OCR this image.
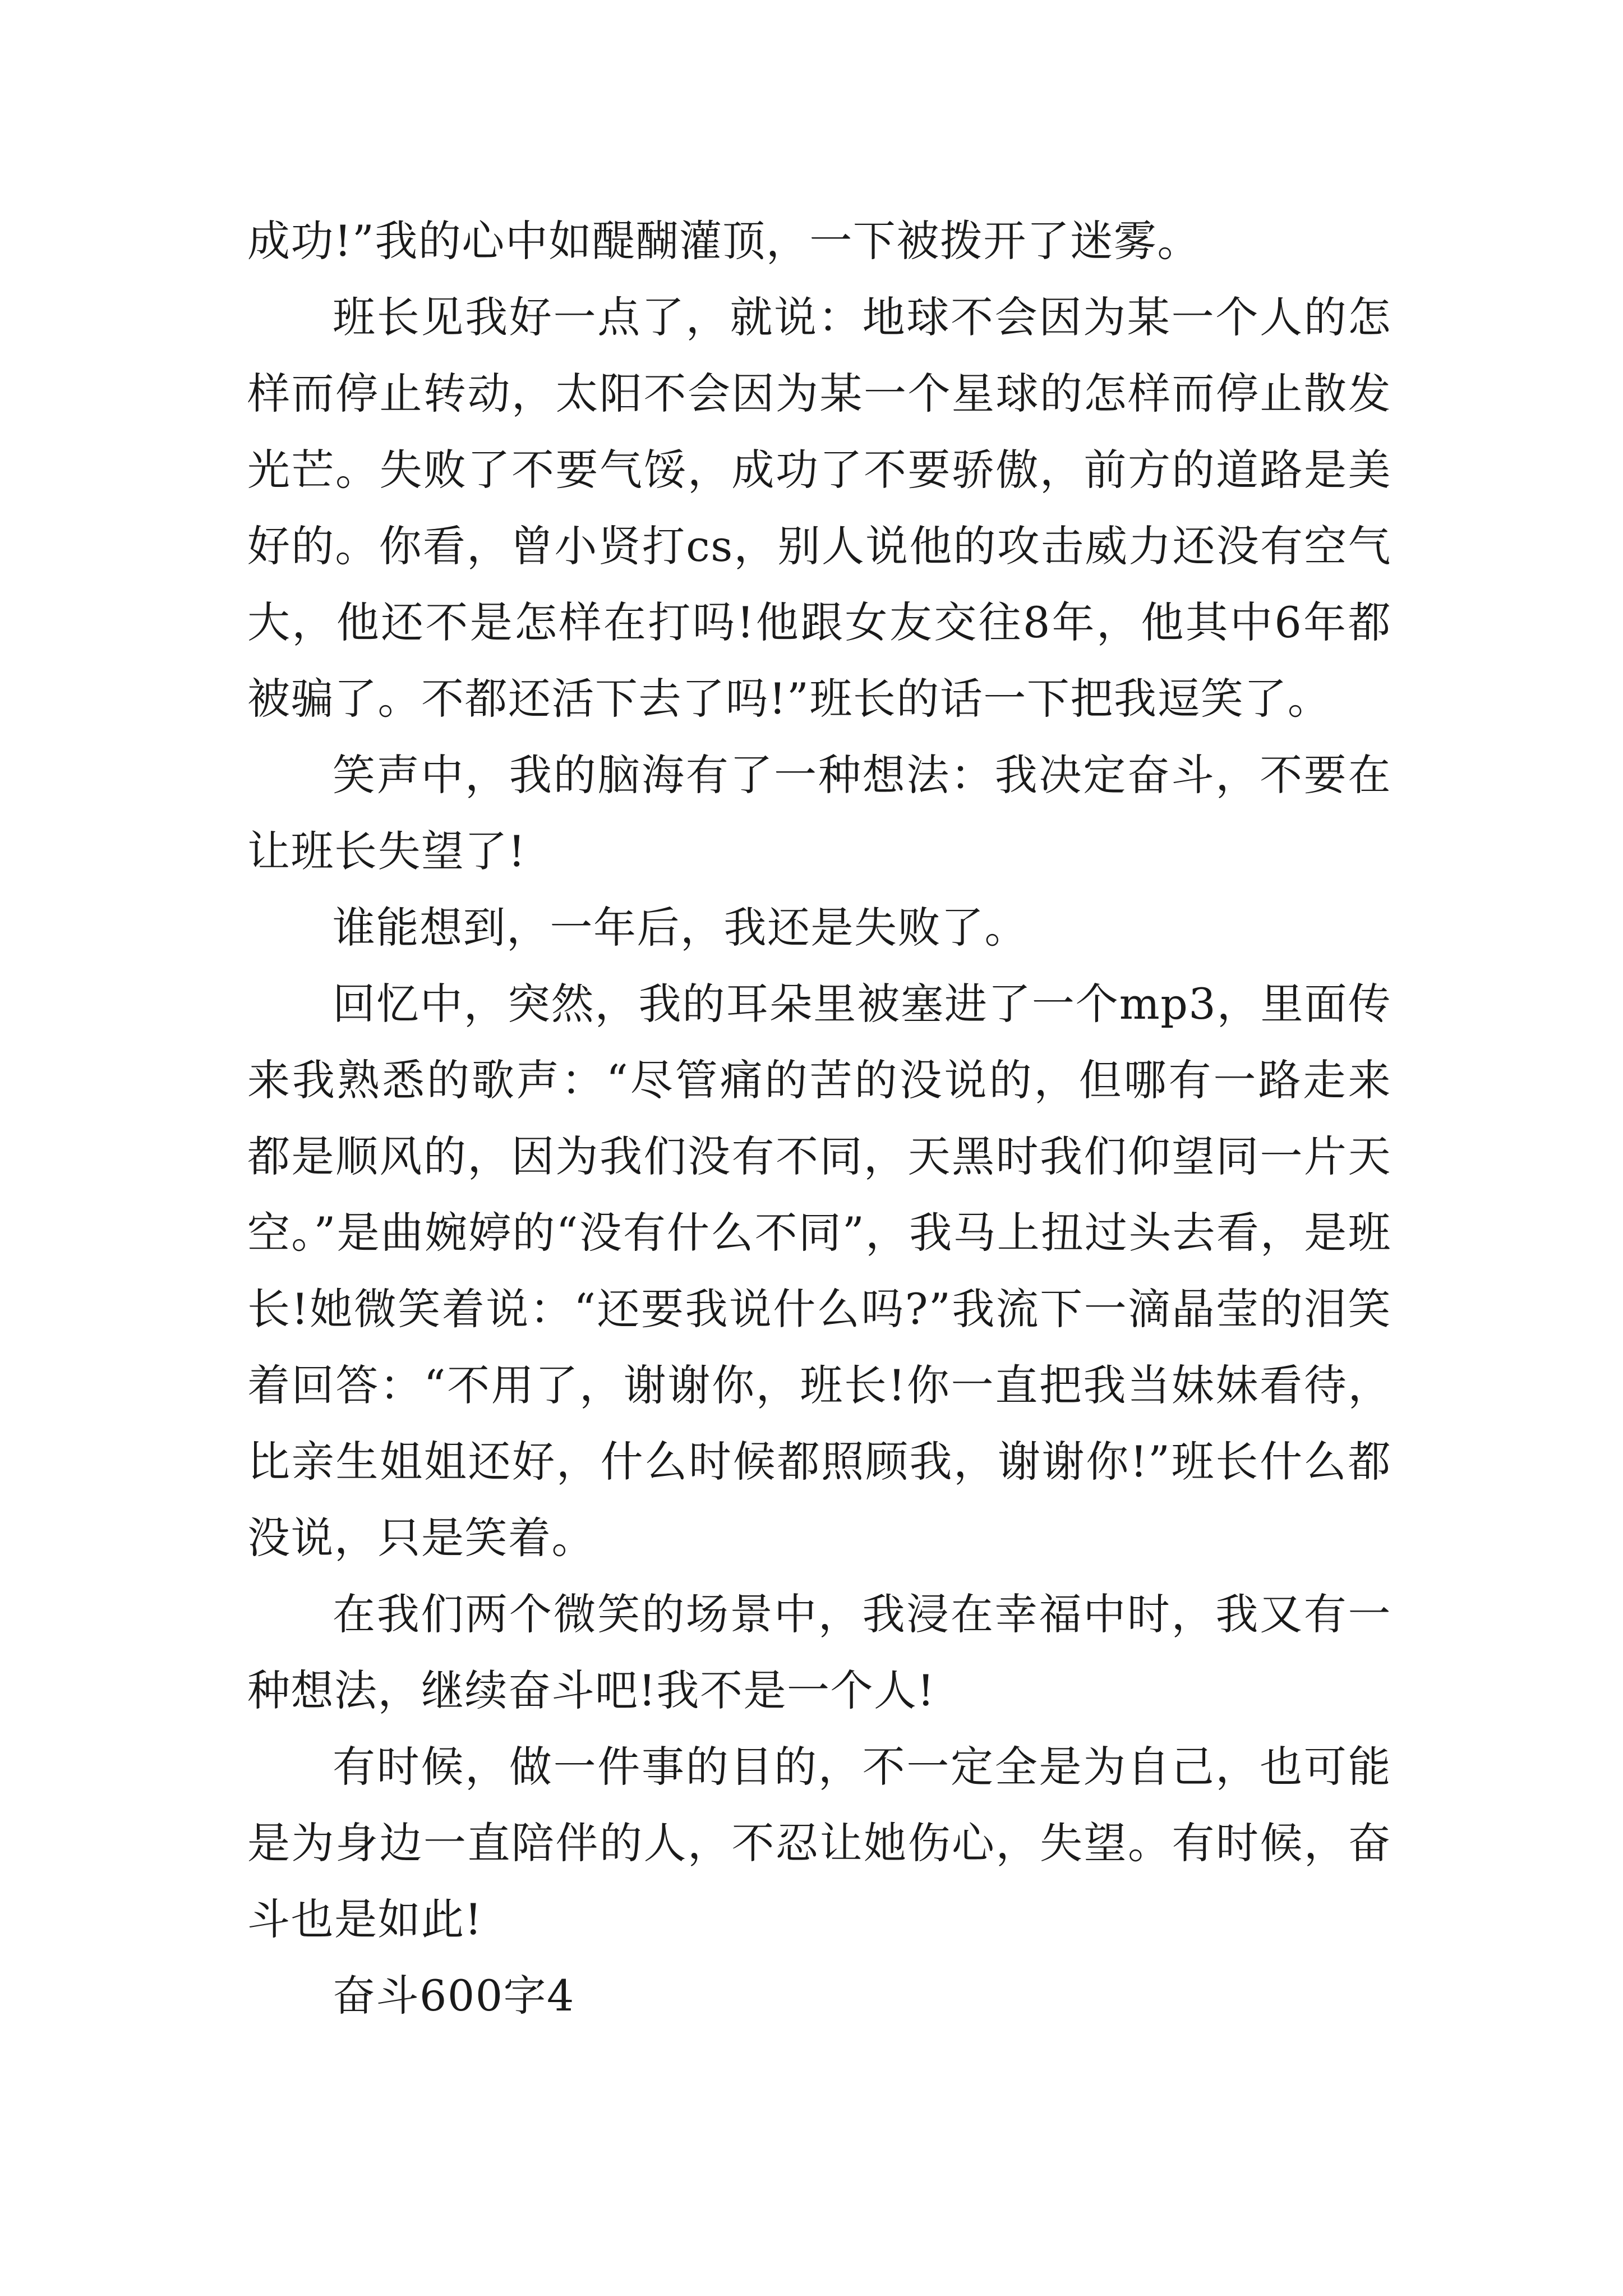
成功!”我的心中如醍醐灌顶，一下被拨开了迷雾。

班长见我好一点了，就说：地球不会因为某一个人的怎样而停止转动，太阳不会因为某一个星球的怎样而停止散发光芒。失败了不要气馁，成功了不要骄傲，前方的道路是美好的。你看，曾小贤打cs，别人说他的攻击威力还没有空气大，他还不是怎样在打吗!他跟女友交往8年，他其中6年都被骗了。不都还活下去了吗!”班长的话一下把我逗笑了。

笑声中，我的脑海有了一种想法：我决定奋斗，不要在让班长失望了!

谁能想到，一年后，我还是失败了。

回忆中，突然，我的耳朵里被塞进了一个mp3，里面传来我熟悉的歌声：“尽管痛的苦的没说的，但哪有一路走来都是顺风的，因为我们没有不同，天黑时我们仰望同一片天空。”是曲婉婷的“没有什么不同”，我马上扭过头去看，是班长!她微笑着说：“还要我说什么吗?”我流下一滴晶莹的泪笑着回答：“不用了，谢谢你，班长!你一直把我当妹妹看待，比亲生姐姐还好，什么时候都照顾我，谢谢你!”班长什么都没说，只是笑着。

在我们两个微笑的场景中，我浸在幸福中时，我又有一种想法，继续奋斗吧!我不是一个人!

有时候，做一件事的目的，不一定全是为自己，也可能是为身边一直陪伴的人，不忍让她伤心，失望。有时候，奋斗也是如此!

奋斗600字4
